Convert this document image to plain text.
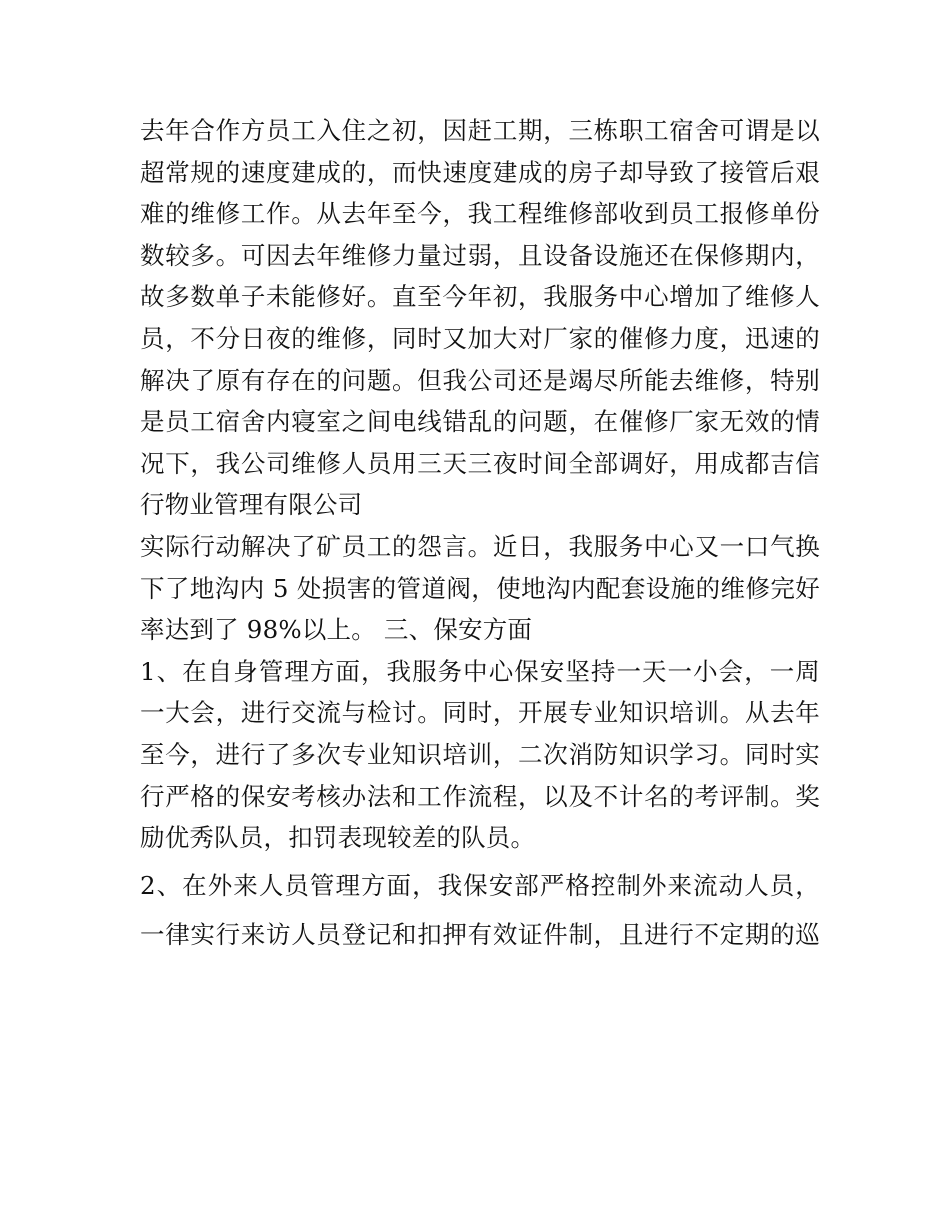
去年合作方员工入住之初，因赶工期，三栋职工宿舍可谓是以
超常规的速度建成的，而快速度建成的房子却导致了接管后艰
难的维修工作。从去年至今，我工程维修部收到员工报修单份
数较多。可因去年维修力量过弱，且设备设施还在保修期内，
故多数单子未能修好。直至今年初，我服务中心增加了维修人
员，不分日夜的维修，同时又加大对厂家的催修力度，迅速的
解决了原有存在的问题。但我公司还是竭尽所能去维修，特别
是员工宿舍内寝室之间电线错乱的问题，在催修厂家无效的情
况下，我公司维修人员用三天三夜时间全部调好，用成都吉信
行物业管理有限公司
实际行动解决了矿员工的怨言。近日，我服务中心又一口气换
下了地沟内 5 处损害的管道阀，使地沟内配套设施的维修完好
率达到了 98%以上。 三、保安方面
1、在自身管理方面，我服务中心保安坚持一天一小会，一周
一大会，进行交流与检讨。同时，开展专业知识培训。从去年
至今，进行了多次专业知识培训，二次消防知识学习。同时实
行严格的保安考核办法和工作流程，以及不计名的考评制。奖
励优秀队员，扣罚表现较差的队员。
2、在外来人员管理方面，我保安部严格控制外来流动人员，
一律实行来访人员登记和扣押有效证件制，且进行不定期的巡
